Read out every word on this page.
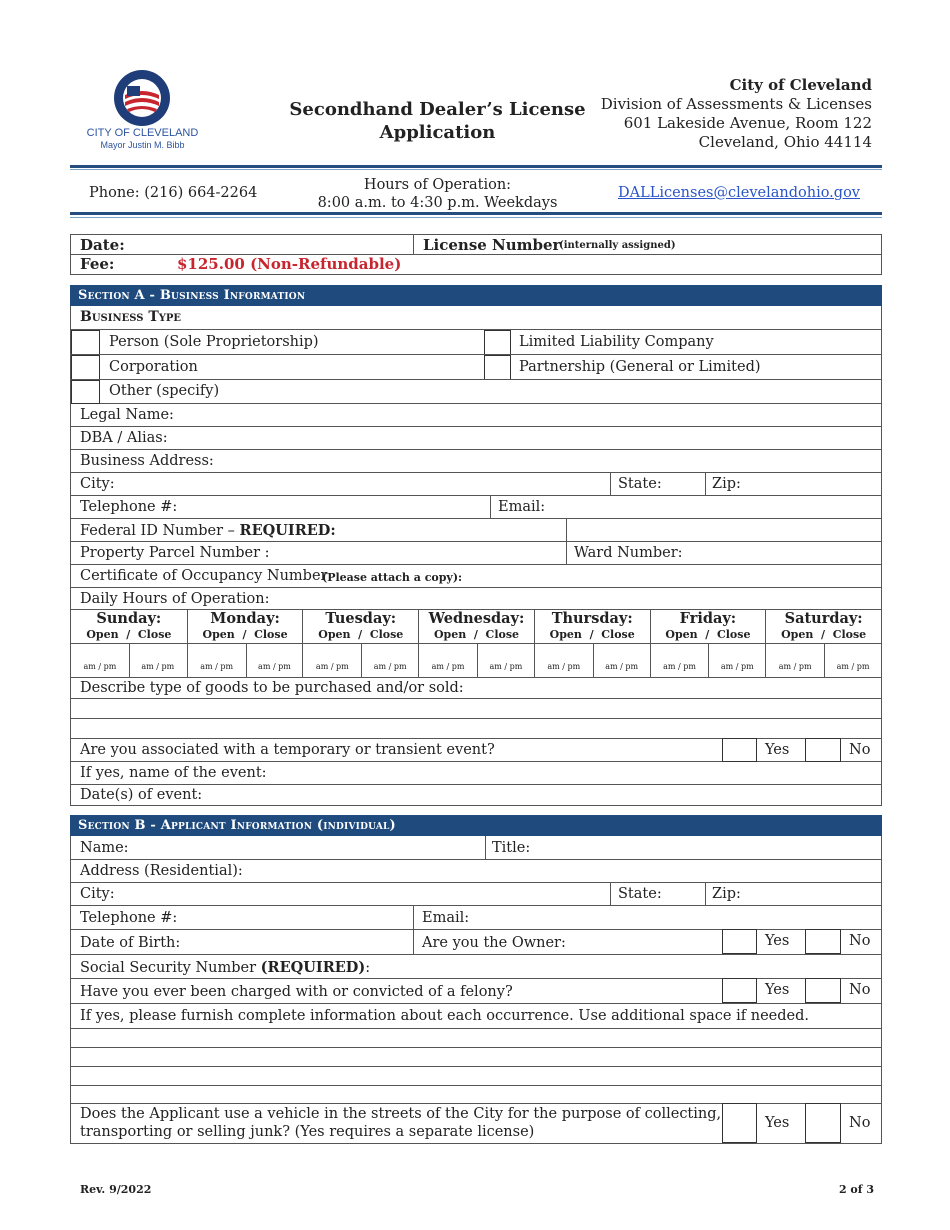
CITY OF CLEVELAND
Mayor Justin M. Bibb
Secondhand Dealer’s License
Application
City of Cleveland
Division of Assessments & Licenses
601 Lakeside Avenue, Room 122
Cleveland, Ohio 44114
Phone: (216) 664-2264	Hours of Operation:
8:00 a.m. to 4:30 p.m. Weekdays
DALLicenses@clevelandohio.gov
Date:	License Number
(internally assigned)
Fee:	$125.00 (Non-Refundable)
Section A - Business Information
Business Type
Person (Sole Proprietorship)	Limited Liability Company
Corporation	Partnership (General or Limited)
Other (specify)
Legal Name:
DBA / Alias:
Business Address:
City:	State:	Zip:
Telephone #:	Email:
Federal ID Number – REQUIRED:
Property Parcel Number :	Ward Number:
Certificate of Occupancy Number
(Please attach a copy):
Daily Hours of Operation:
Sunday:
Open  /  Close
am / pm	am / pm
Monday:
Open  /  Close
am / pm	am / pm
Tuesday:
Open  /  Close
am / pm	am / pm
Wednesday:
Open  /  Close
am / pm	am / pm
Thursday:
Open  /  Close
am / pm	am / pm
Friday:
Open  /  Close
am / pm	am / pm
Saturday:
Open  /  Close
am / pm	am / pm
Describe type of goods to be purchased and/or sold:
Are you associated with a temporary or transient event?	Yes	No
If yes, name of the event:
Date(s) of event:
Section B - Applicant Information (individual)
Name:	Title:
Address (Residential):
City:	State:	Zip:
Telephone #:	Email:
Date of Birth:	Are you the Owner:	Yes	No
Social Security Number (REQUIRED):
Have you ever been charged with or convicted of a felony?	Yes	No
If yes, please furnish complete information about each occurrence. Use additional space if needed.
Does the Applicant use a vehicle in the streets of the City for the purpose of collecting,
transporting or selling junk? (Yes requires a separate license)
Yes	No
Rev. 9/2022	2 of 3
